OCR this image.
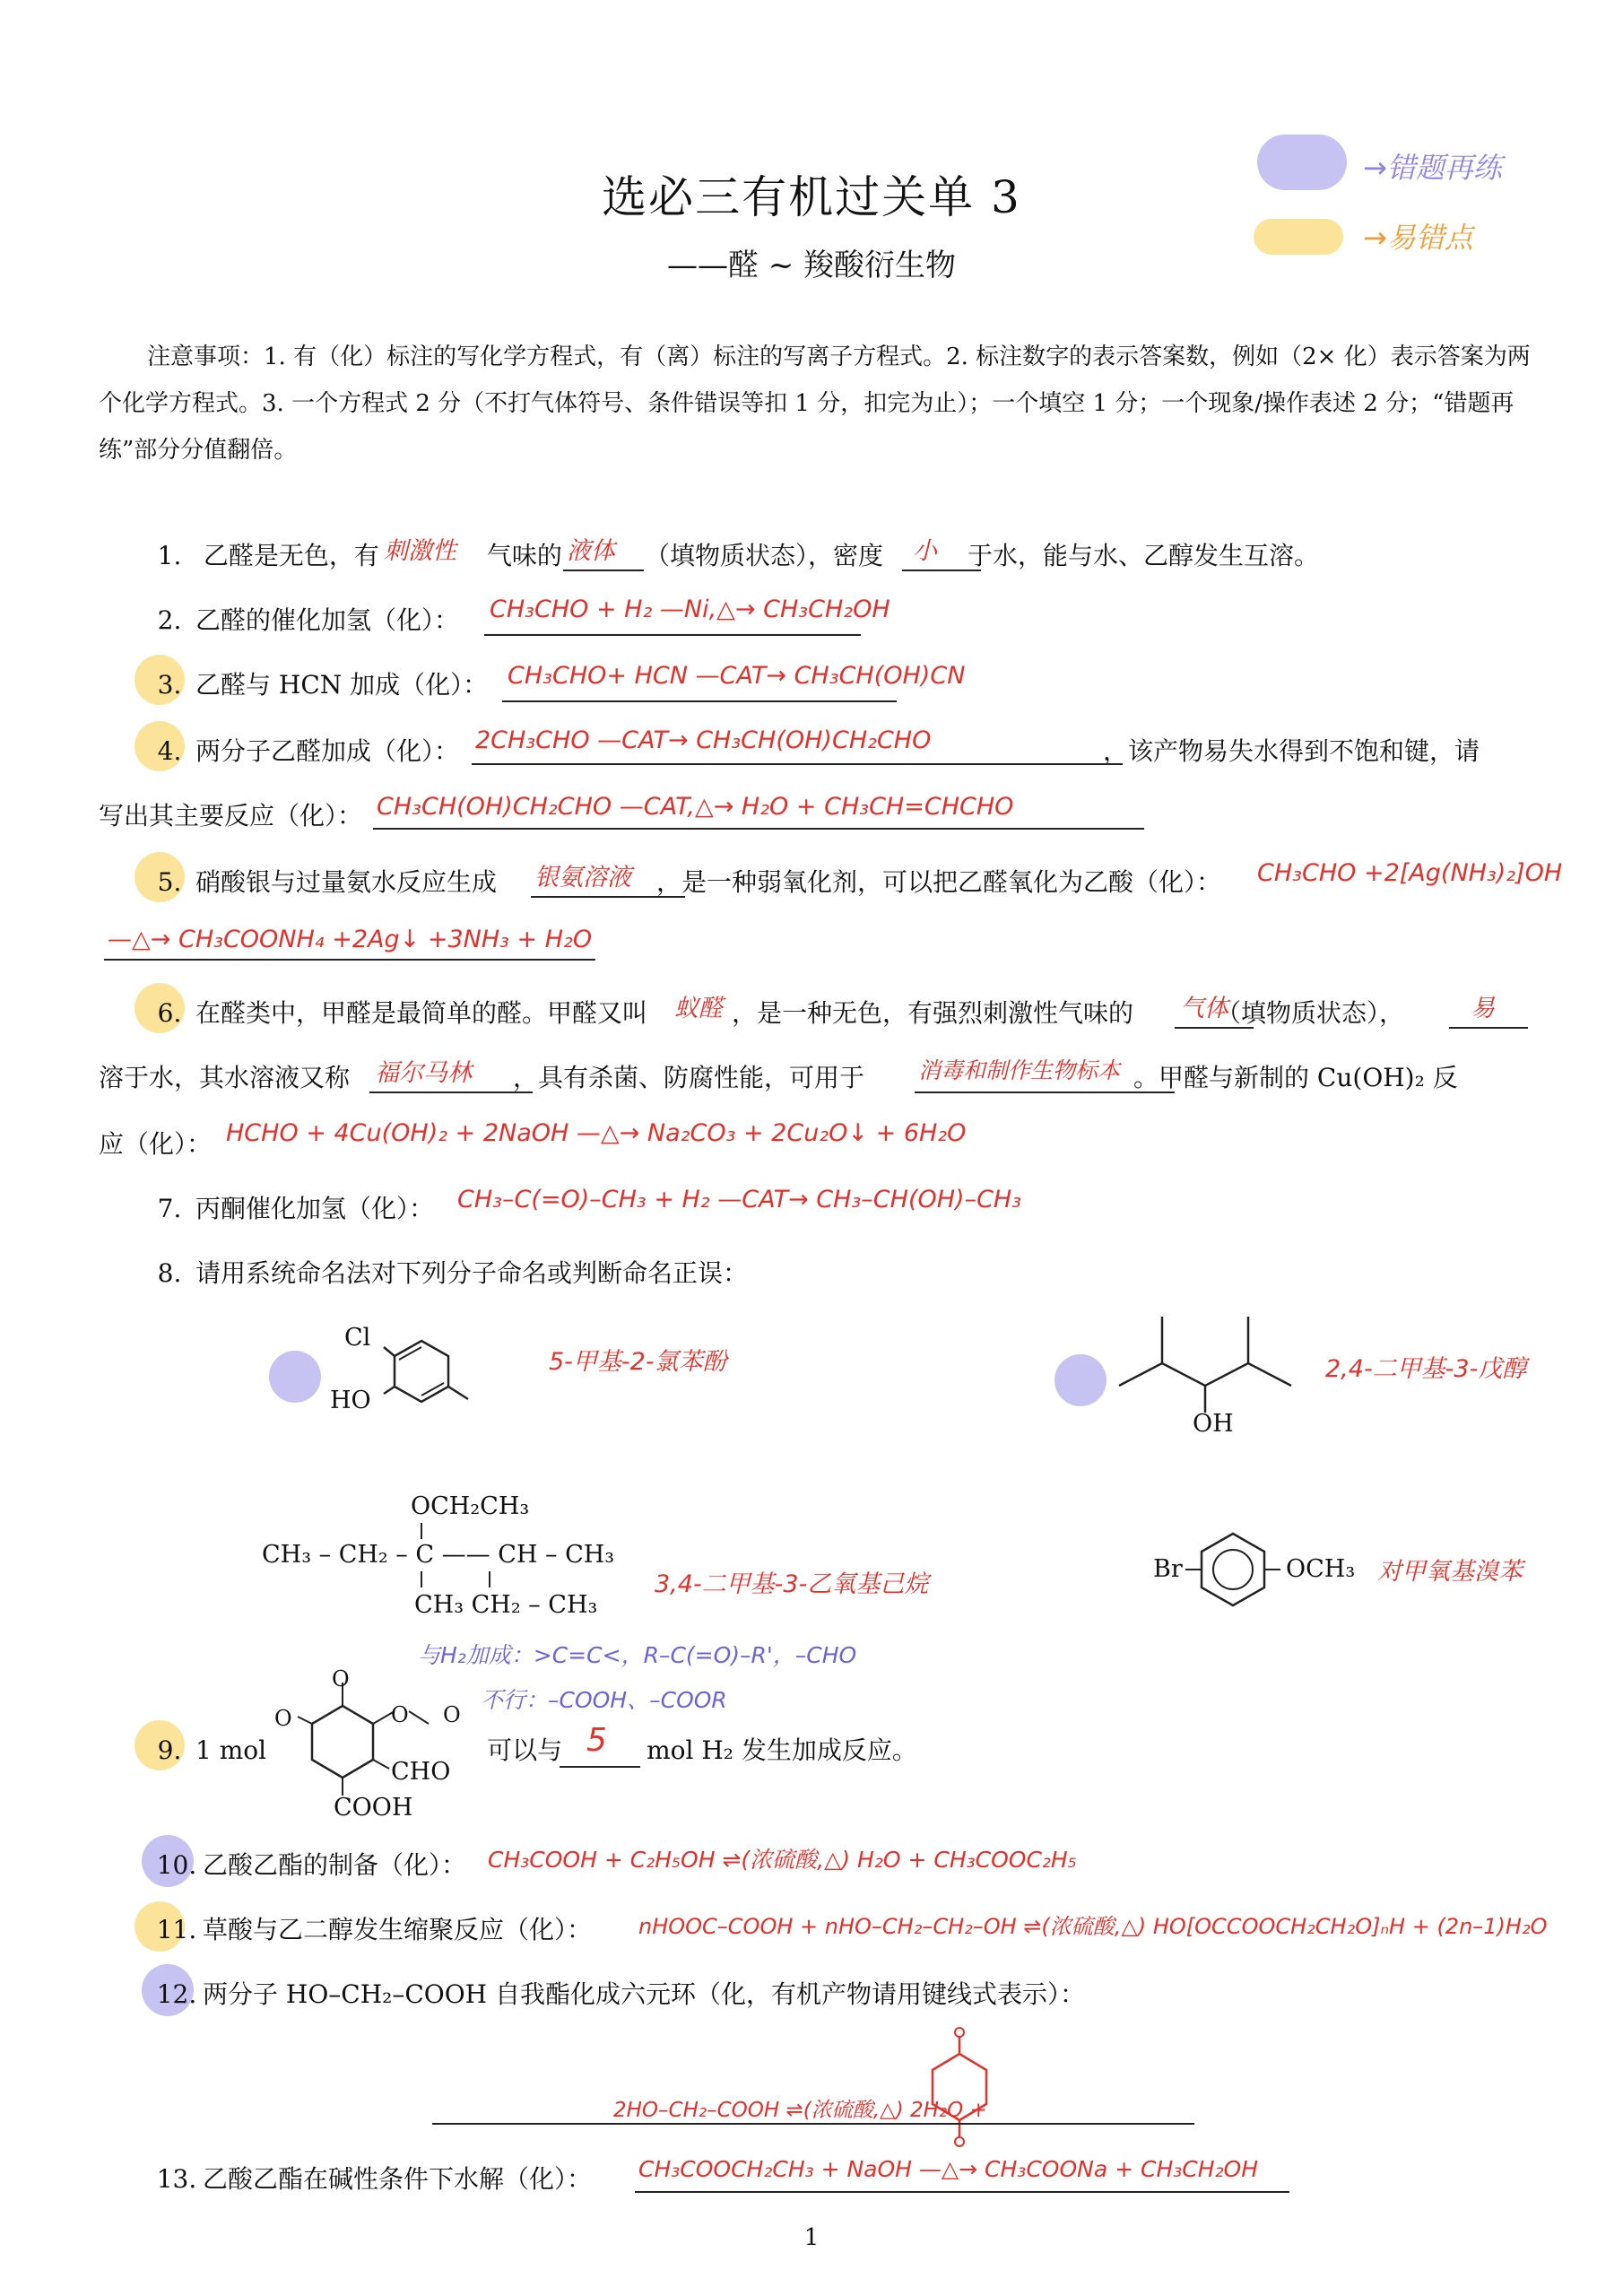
→错题再练
→易错点
选必三有机过关单 3
——醛 ~ 羧酸衍生物
注意事项：1. 有（化）标注的写化学方程式，有（离）标注的写离子方程式。2. 标注数字的表示答案数，例如（2× 化）表示答案为两个化学方程式。3. 一个方程式 2 分（不打气体符号、条件错误等扣 1 分，扣完为止）；一个填空 1 分；一个现象/操作表述 2 分；“错题再练”部分分值翻倍。
1. 乙醛是无色，有	气味的	（填物质状态），密度	于水，能与水、乙醇发生互溶。
刺激性	液体	小
2. 乙醛的催化加氢（化）： CH₃CHO + H₂ —Ni,△→ CH₃CH₂OH
3. 乙醛与 HCN 加成（化）： CH₃CHO+ HCN —CAT→ CH₃CH(OH)CN
4. 两分子乙醛加成（化）：	，该产物易失水得到不饱和键，请
2CH₃CHO —CAT→ CH₃CH(OH)CH₂CHO
写出其主要反应（化）： CH₃CH(OH)CH₂CHO —CAT,△→ H₂O + CH₃CH=CHCHO
5. 硝酸银与过量氨水反应生成	，是一种弱氧化剂，可以把乙醛氧化为乙酸（化）：
银氨溶液	CH₃CHO +2[Ag(NH₃)₂]OH
—△→ CH₃COONH₄ +2Ag↓ +3NH₃ + H₂O
6. 在醛类中，甲醛是最简单的醛。甲醛又叫	，是一种无色，有强烈刺激性气味的	（填物质状态），
蚁醛	气体	易
溶于水，其水溶液又称	，具有杀菌、防腐性能，可用于	。甲醛与新制的 Cu(OH)₂ 反
福尔马林	消毒和制作生物标本
应（化）： HCHO + 4Cu(OH)₂ + 2NaOH —△→ Na₂CO₃ + 2Cu₂O↓ + 6H₂O
7. 丙酮催化加氢（化）： CH₃–C(=O)–CH₃ + H₂ —CAT→ CH₃–CH(OH)–CH₃
8. 请用系统命名法对下列分子命名或判断命名正误：
Cl
HO
5-甲基-2-氯苯酚
OH
2,4-二甲基-3-戊醇
OCH₂CH₃
CH₃ – CH₂ – C —— CH – CH₃
CH₃ CH₂ – CH₃
3,4-二甲基-3-乙氧基己烷
Br	OCH₃ 对甲氧基溴苯
与H₂加成：>C=C<，R–C(=O)–R'，–CHO
不行：–COOH、–COOR
9. 1 mol	可以与	mol H₂ 发生加成反应。
O
O	O O
CHO
COOH
5
10. 乙酸乙酯的制备（化）： CH₃COOH + C₂H₅OH ⇌(浓硫酸,△) H₂O + CH₃COOC₂H₅
11. 草酸与乙二醇发生缩聚反应（化）： nHOOC–COOH + nHO–CH₂–CH₂–OH ⇌(浓硫酸,△) HO[OCCOOCH₂CH₂O]ₙH + (2n–1)H₂O
12. 两分子 HO–CH₂–COOH 自我酯化成六元环（化，有机产物请用键线式表示）：
2HO–CH₂–COOH ⇌(浓硫酸,△) 2H₂O +
13. 乙酸乙酯在碱性条件下水解（化）： CH₃COOCH₂CH₃ + NaOH —△→ CH₃COONa + CH₃CH₂OH
1
